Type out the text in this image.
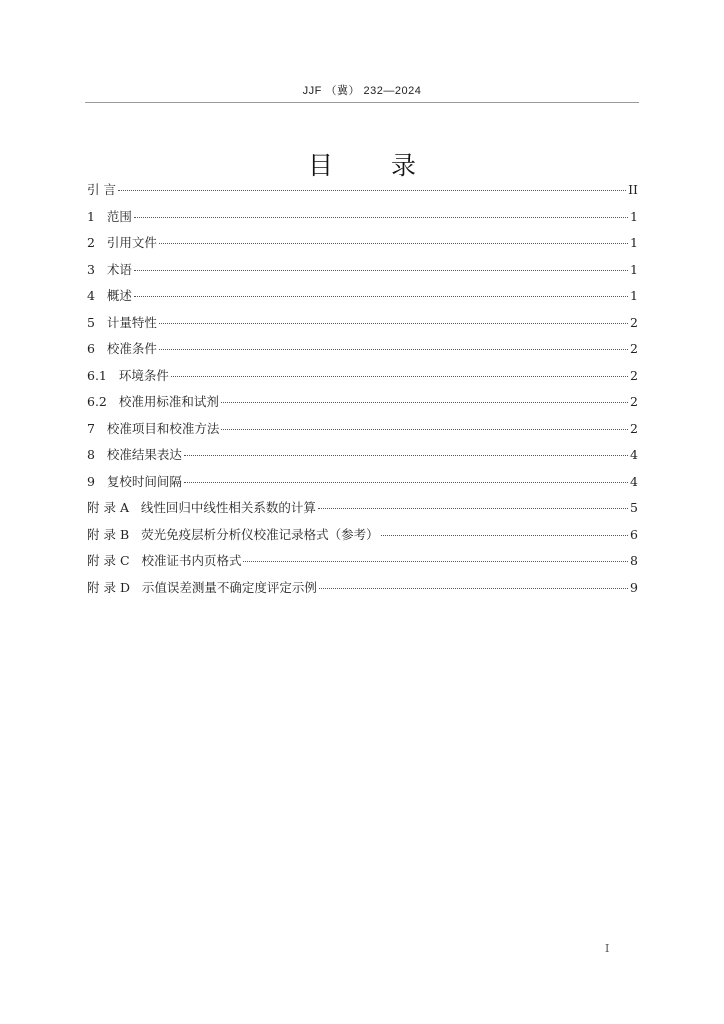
JJF （冀） 232—2024
目录
引 言	II
1 范围	1
2 引用文件	1
3 术语	1
4 概述	1
5 计量特性	2
6 校准条件	2
6.1 环境条件	2
6.2 校准用标准和试剂	2
7 校准项目和校准方法	2
8 校准结果表达	4
9 复校时间间隔	4
附 录 A 线性回归中线性相关系数的计算	5
附 录 B 荧光免疫层析分析仪校准记录格式（参考）	6
附 录 C 校准证书内页格式	8
附 录 D 示值误差测量不确定度评定示例	9
I
